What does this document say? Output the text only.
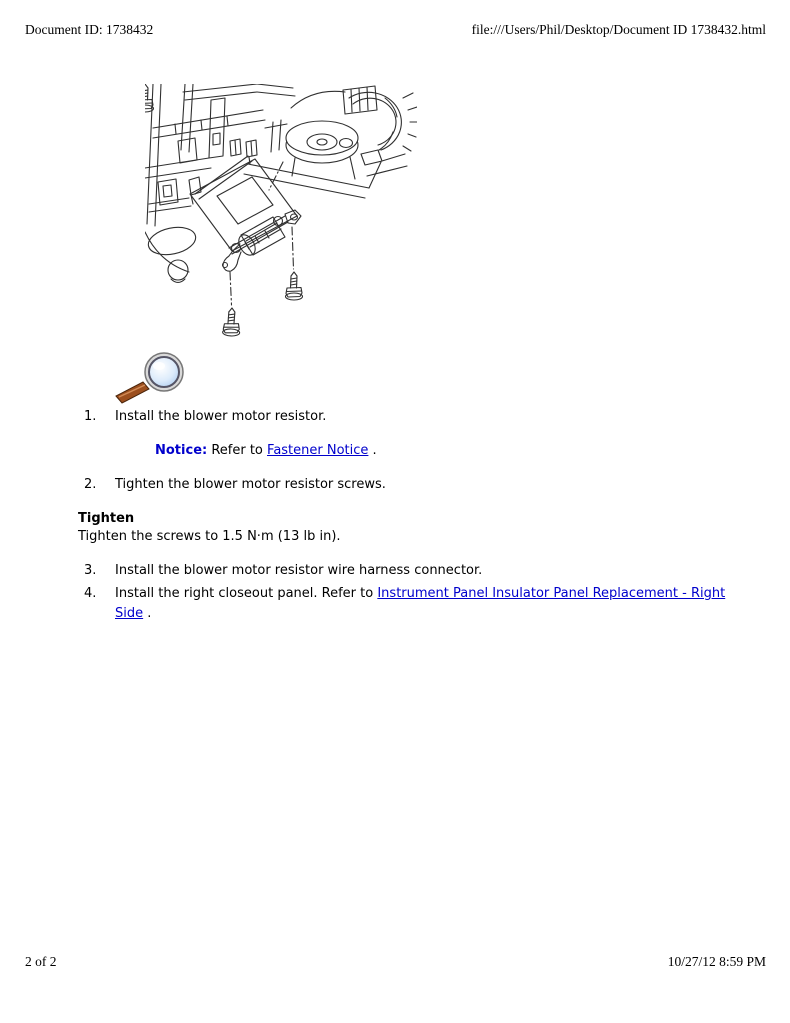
Document ID: 1738432	file:///Users/Phil/Desktop/Document ID 1738432.html
1.	Install the blower motor resistor.
Notice: Refer to Fastener Notice .
2.	Tighten the blower motor resistor screws.
Tighten
Tighten the screws to 1.5 N·m (13 lb in).
3.	Install the blower motor resistor wire harness connector.
4.	Install the right closeout panel. Refer to Instrument Panel Insulator Panel Replacement - Right Side .
2 of 2	10/27/12 8:59 PM
